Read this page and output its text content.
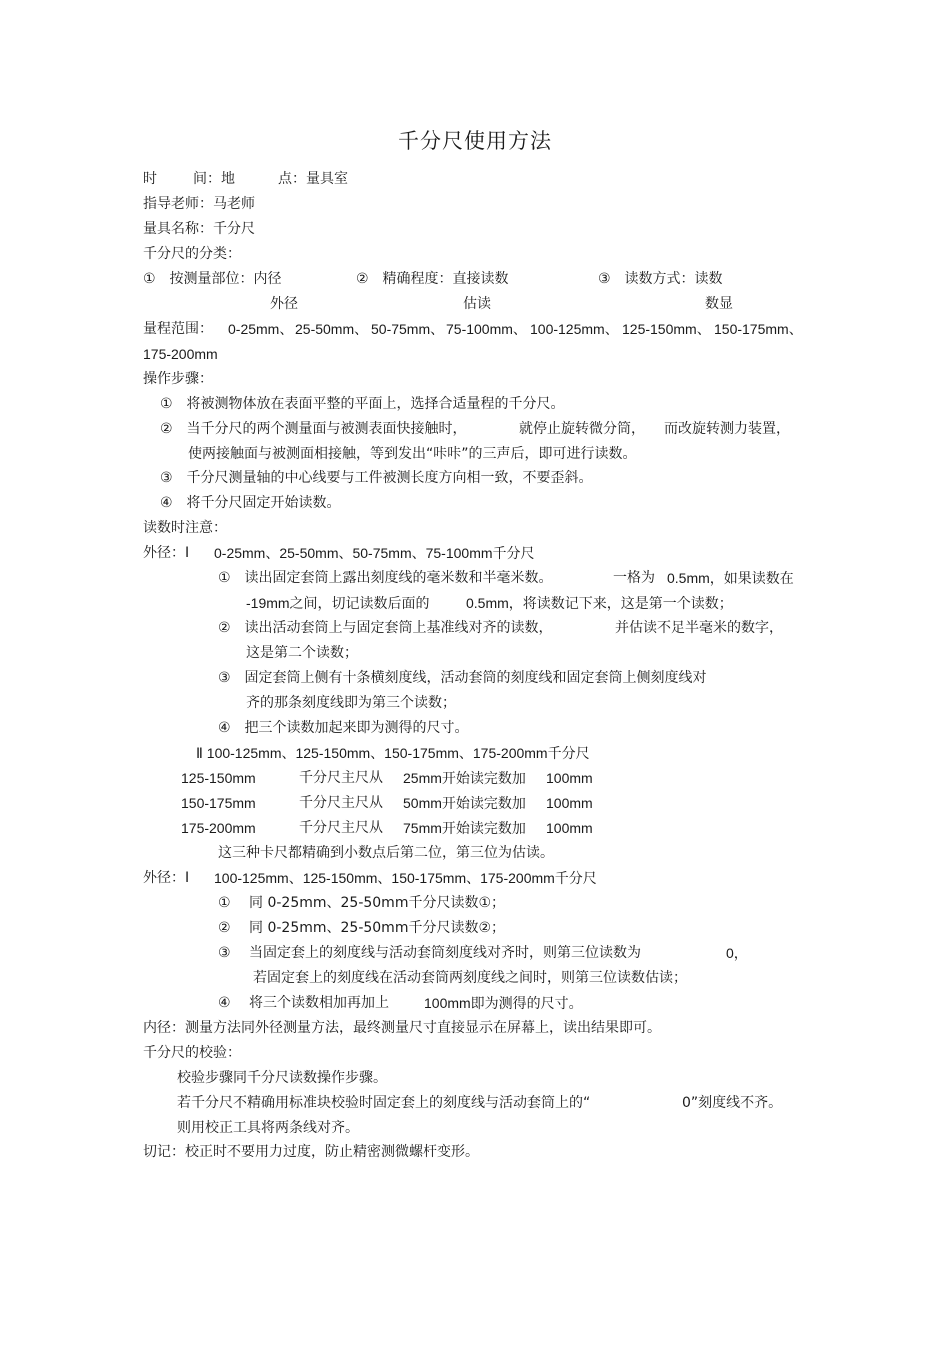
千分尺使用方法
时	间：地	点：量具室
指导老师：马老师
量具名称：千分尺
千分尺的分类：
①　按测量部位：内径
外径
②　精确程度：直接读数
估读
③　读数方式：读数
数显
量程范围： 0-25mm、 25-50mm、 50-75mm、 75-100mm、 100-125mm、 125-150mm、 150-175mm、
175-200mm
操作步骤：
①　将被测物体放在表面平整的平面上，选择合适量程的千分尺。
②　当千分尺的两个测量面与被测表面快接触时，	就停止旋转微分筒， 而改旋转测力装置，
使两接触面与被测面相接触，等到发出“咔咔”的三声后，即可进行读数。
③　千分尺测量轴的中心线要与工件被测长度方向相一致，不要歪斜。
④　将千分尺固定开始读数。
读数时注意：
外径：Ⅰ 0-25mm、25-50mm、50-75mm、75-100mm千分尺
①　读出固定套筒上露出刻度线的毫米数和半毫米数。	一格为 0.5mm，如果读数在
-19mm之间，切记读数后面的	0.5mm，将读数记下来，这是第一个读数；
②　读出活动套筒上与固定套筒上基准线对齐的读数，	并估读不足半毫米的数字，
这是第二个读数；
③　固定套筒上侧有十条横刻度线，活动套筒的刻度线和固定套筒上侧刻度线对
齐的那条刻度线即为第三个读数；
④　把三个读数加起来即为测得的尺寸。
Ⅱ 100-125mm、125-150mm、150-175mm、175-200mm千分尺
125-150mm	千分尺主尺从 25mm开始读完数加 100mm
150-175mm	千分尺主尺从 50mm开始读完数加 100mm
175-200mm	千分尺主尺从 75mm开始读完数加 100mm
这三种卡尺都精确到小数点后第二位，第三位为估读。
外径：Ⅰ 100-125mm、125-150mm、150-175mm、175-200mm千分尺
①　 同 0-25mm、25-50mm千分尺读数①；
②　 同 0-25mm、25-50mm千分尺读数②；
③　 当固定套上的刻度线与活动套筒刻度线对齐时，则第三位读数为	0，
若固定套上的刻度线在活动套筒两刻度线之间时，则第三位读数估读；
④　 将三个读数相加再加上 100mm即为测得的尺寸。
内径：测量方法同外径测量方法，最终测量尺寸直接显示在屏幕上，读出结果即可。
千分尺的校验：
校验步骤同千分尺读数操作步骤。
若千分尺不精确用标准块校验时固定套上的刻度线与活动套筒上的“	0”刻度线不齐。
则用校正工具将两条线对齐。
切记：校正时不要用力过度，防止精密测微螺杆变形。
